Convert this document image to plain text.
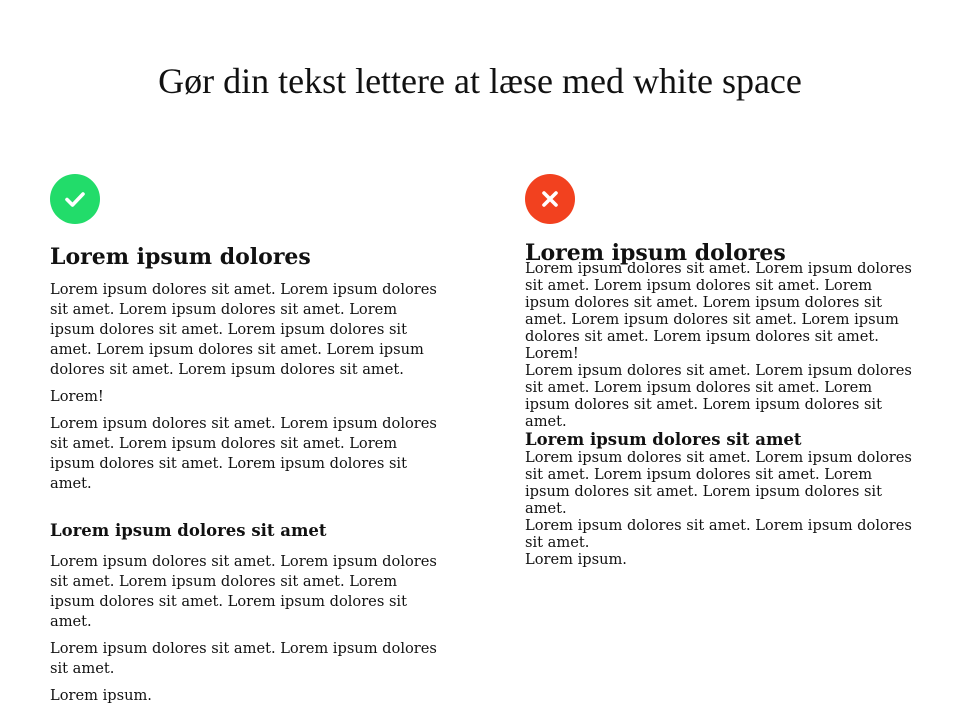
Gør din tekst lettere at læse med white space
Lorem ipsum dolores

Lorem ipsum dolores sit amet. Lorem ipsum dolores sit amet. Lorem ipsum dolores sit amet. Lorem ipsum dolores sit amet. Lorem ipsum dolores sit amet. Lorem ipsum dolores sit amet. Lorem ipsum dolores sit amet. Lorem ipsum dolores sit amet.

Lorem!

Lorem ipsum dolores sit amet. Lorem ipsum dolores sit amet. Lorem ipsum dolores sit amet. Lorem ipsum dolores sit amet. Lorem ipsum dolores sit amet.

Lorem ipsum dolores sit amet

Lorem ipsum dolores sit amet. Lorem ipsum dolores sit amet. Lorem ipsum dolores sit amet. Lorem ipsum dolores sit amet. Lorem ipsum dolores sit amet.

Lorem ipsum dolores sit amet. Lorem ipsum dolores sit amet.

Lorem ipsum.

Lorem ipsum dolores

Lorem ipsum dolores sit amet. Lorem ipsum dolores sit amet. Lorem ipsum dolores sit amet. Lorem ipsum dolores sit amet. Lorem ipsum dolores sit amet. Lorem ipsum dolores sit amet. Lorem ipsum dolores sit amet. Lorem ipsum dolores sit amet.

Lorem!

Lorem ipsum dolores sit amet. Lorem ipsum dolores sit amet. Lorem ipsum dolores sit amet. Lorem ipsum dolores sit amet. Lorem ipsum dolores sit amet.

Lorem ipsum dolores sit amet

Lorem ipsum dolores sit amet. Lorem ipsum dolores sit amet. Lorem ipsum dolores sit amet. Lorem ipsum dolores sit amet. Lorem ipsum dolores sit amet.

Lorem ipsum dolores sit amet. Lorem ipsum dolores sit amet.

Lorem ipsum.
